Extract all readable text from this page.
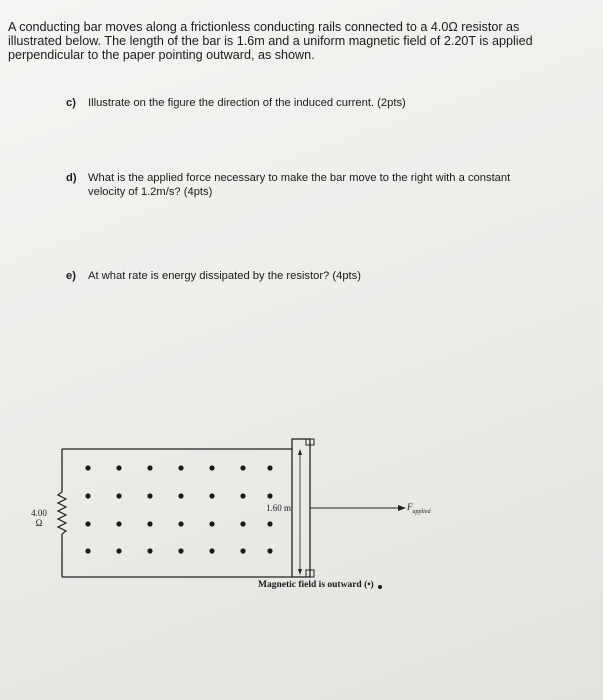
A conducting bar moves along a frictionless conducting rails connected to a 4.0Ω resistor as

illustrated below. The length of the bar is 1.6m and a uniform magnetic field of 2.20T is applied

perpendicular to the paper pointing outward, as shown.

c)	Illustrate on the figure the direction of the induced current. (2pts)
d)	What is the applied force necessary to make the bar move to the right with a constant
velocity of 1.2m/s? (4pts)
e)	At what rate is energy dissipated by the resistor? (4pts)
4.00
Ω
1.60 m	$F_{applied}$
Magnetic field is outward (•)
